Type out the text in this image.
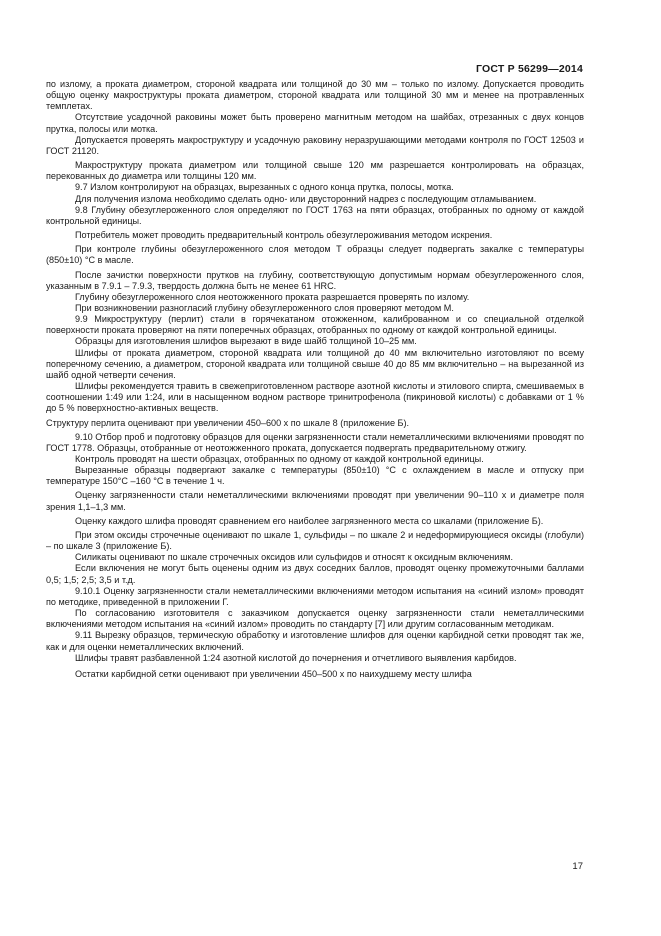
ГОСТ Р 56299—2014

по излому, а проката диаметром, стороной квадрата или толщиной до 30 мм – только по излому. Допускается проводить общую оценку макроструктуры проката диаметром, стороной квадрата или толщиной 30 мм и менее на протравленных темплетах.

Отсутствие усадочной раковины может быть проверено магнитным методом на шайбах, отрезанных с двух концов прутка, полосы или мотка.

Допускается проверять макроструктуру и усадочную раковину неразрушающими методами контроля по ГОСТ 12503 и ГОСТ 21120.

Макроструктуру проката диаметром или толщиной свыше 120 мм разрешается контролировать на образцах, перекованных до диаметра или толщины 120 мм.

9.7 Излом контролируют на образцах, вырезанных с одного конца прутка, полосы, мотка.

Для получения излома необходимо сделать одно- или двусторонний надрез с последующим отламыванием.

9.8 Глубину обезуглероженного слоя определяют по ГОСТ 1763 на пяти образцах, отобранных по одному от каждой контрольной единицы.

Потребитель может проводить предварительный контроль обезуглероживания методом искрения.

При контроле глубины обезуглероженного слоя методом Т образцы следует подвергать закалке с температуры (850±10) °С в масле.

После зачистки поверхности прутков на глубину, соответствующую допустимым нормам обезуглероженного слоя, указанным в 7.9.1 – 7.9.3, твердость должна быть не менее 61 HRC.

Глубину обезуглероженного слоя неотожженного проката разрешается проверять по излому.

При возникновении разногласий глубину обезуглероженного слоя проверяют методом М.

9.9 Микроструктуру (перлит) стали в горячекатаном отожженном, калиброванном и со специальной отделкой поверхности проката проверяют на пяти поперечных образцах, отобранных по одному от каждой контрольной единицы.

Образцы для изготовления шлифов вырезают в виде шайб толщиной 10–25 мм.

Шлифы от проката диаметром, стороной квадрата или толщиной до 40 мм включительно изготовляют по всему поперечному сечению, а диаметром, стороной квадрата или толщиной свыше 40 до 85 мм включительно – на вырезанной из шайб одной четверти сечения.

Шлифы рекомендуется травить в свежеприготовленном растворе азотной кислоты и этилового спирта, смешиваемых в соотношении 1:49 или 1:24, или в насыщенном водном растворе тринитрофенола (пикриновой кислоты) с добавками от 1 % до 5 % поверхностно-активных веществ.

Структуру перлита оценивают при увеличении 450–600 х по шкале 8 (приложение Б).

9.10 Отбор проб и подготовку образцов для оценки загрязненности стали неметаллическими включениями проводят по ГОСТ 1778. Образцы, отобранные от неотожженного проката, допускается подвергать предварительному отжигу.

Контроль проводят на шести образцах, отобранных по одному от каждой контрольной единицы.

Вырезанные образцы подвергают закалке с температуры (850±10) °С с охлаждением в масле и отпуску при температуре 150°С –160 °С в течение 1 ч.

Оценку загрязненности стали неметаллическими включениями проводят при увеличении 90–110 х и диаметре поля зрения 1,1–1,3 мм.

Оценку каждого шлифа проводят сравнением его наиболее загрязненного места со шкалами (приложение Б).

При этом оксиды строчечные оценивают по шкале 1, сульфиды – по шкале 2 и недеформирующиеся оксиды (глобули) – по шкале 3 (приложение Б).

Силикаты оценивают по шкале строчечных оксидов или сульфидов и относят к оксидным включениям.

Если включения не могут быть оценены одним из двух соседних баллов, проводят оценку промежуточными баллами 0,5; 1,5; 2,5; 3,5 и т.д.

9.10.1 Оценку загрязненности стали неметаллическими включениями методом испытания на «синий излом» проводят по методике, приведенной в приложении Г.

По согласованию изготовителя с заказчиком допускается оценку загрязненности стали неметаллическими включениями методом испытания на «синий излом» проводить по стандарту [7] или другим согласованным методикам.

9.11 Вырезку образцов, термическую обработку и изготовление шлифов для оценки карбидной сетки проводят так же, как и для оценки неметаллических включений.

Шлифы травят разбавленной 1:24 азотной кислотой до почернения и отчетливого выявления карбидов.

Остатки карбидной сетки оценивают при увеличении 450–500 х по наихудшему месту шлифа

17
